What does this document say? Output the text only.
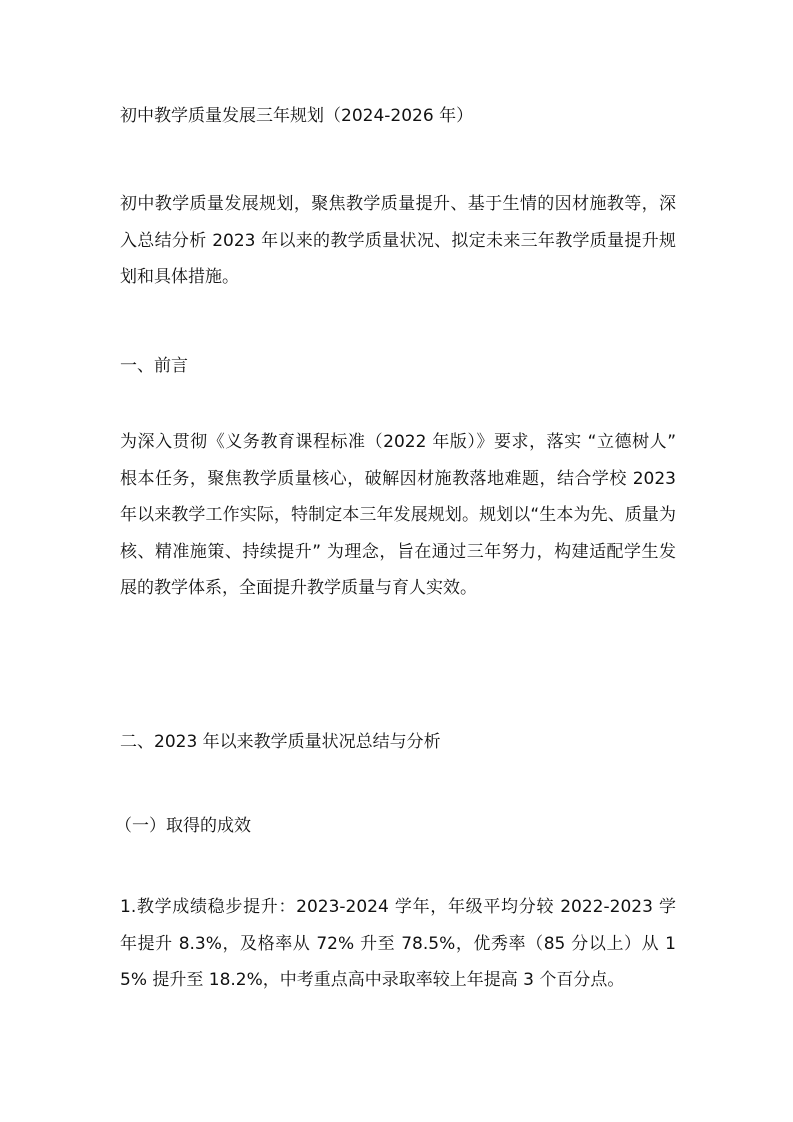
初中教学质量发展三年规划（2024-2026 年）

初中教学质量发展规划，聚焦教学质量提升、基于生情的因材施教等，深入总结分析 2023 年以来的教学质量状况、拟定未来三年教学质量提升规划和具体措施。

一、前言

为深入贯彻《义务教育课程标准（2022 年版）》要求，落实 “立德树人” 根本任务，聚焦教学质量核心，破解因材施教落地难题，结合学校 2023 年以来教学工作实际，特制定本三年发展规划。规划以“生本为先、质量为核、精准施策、持续提升” 为理念，旨在通过三年努力，构建适配学生发展的教学体系，全面提升教学质量与育人实效。

二、2023 年以来教学质量状况总结与分析

（一）取得的成效

1.教学成绩稳步提升：2023-2024 学年，年级平均分较 2022-2023 学年提升 8.3%，及格率从 72% 升至 78.5%，优秀率（85 分以上）从 15% 提升至 18.2%，中考重点高中录取率较上年提高 3 个百分点。
